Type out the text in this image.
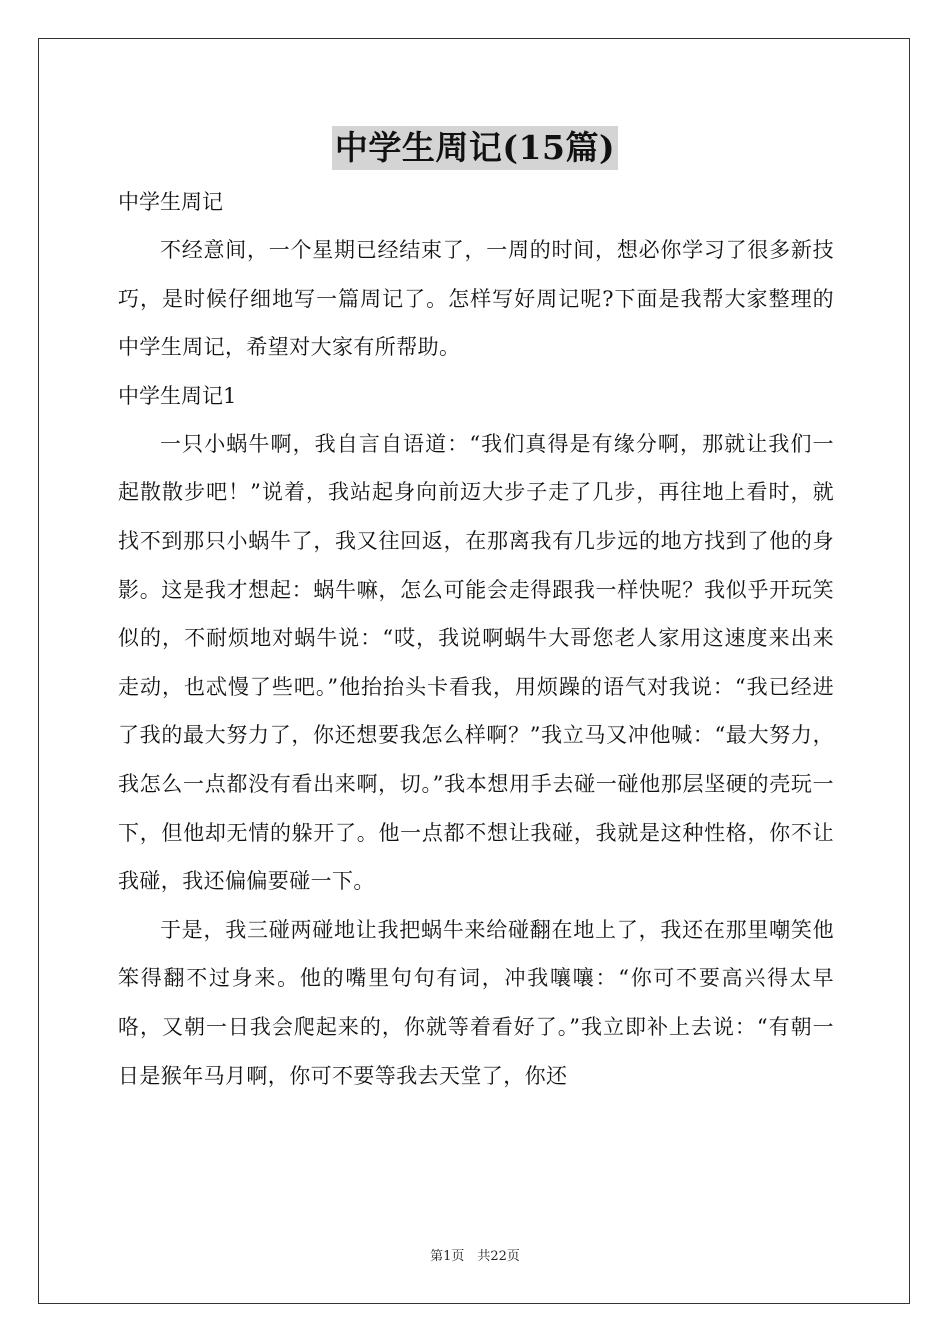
中学生周记(15篇)
中学生周记

不经意间，一个星期已经结束了，一周的时间，想必你学习了很多新技巧，是时候仔细地写一篇周记了。怎样写好周记呢?下面是我帮大家整理的中学生周记，希望对大家有所帮助。

中学生周记1

一只小蜗牛啊，我自言自语道：“我们真得是有缘分啊，那就让我们一起散散步吧！”说着，我站起身向前迈大步子走了几步，再往地上看时，就找不到那只小蜗牛了，我又往回返，在那离我有几步远的地方找到了他的身影。这是我才想起：蜗牛嘛，怎么可能会走得跟我一样快呢？我似乎开玩笑似的，不耐烦地对蜗牛说：“哎，我说啊蜗牛大哥您老人家用这速度来出来走动，也忒慢了些吧。”他抬抬头卡看我，用烦躁的语气对我说：“我已经进了我的最大努力了，你还想要我怎么样啊？”我立马又冲他喊：“最大努力，我怎么一点都没有看出来啊，切。”我本想用手去碰一碰他那层坚硬的壳玩一下，但他却无情的躲开了。他一点都不想让我碰，我就是这种性格，你不让我碰，我还偏偏要碰一下。

于是，我三碰两碰地让我把蜗牛来给碰翻在地上了，我还在那里嘲笑他笨得翻不过身来。他的嘴里句句有词，冲我嚷嚷：“你可不要高兴得太早咯，又朝一日我会爬起来的，你就等着看好了。”我立即补上去说：“有朝一日是猴年马月啊，你可不要等我去天堂了，你还

第1页　共22页
